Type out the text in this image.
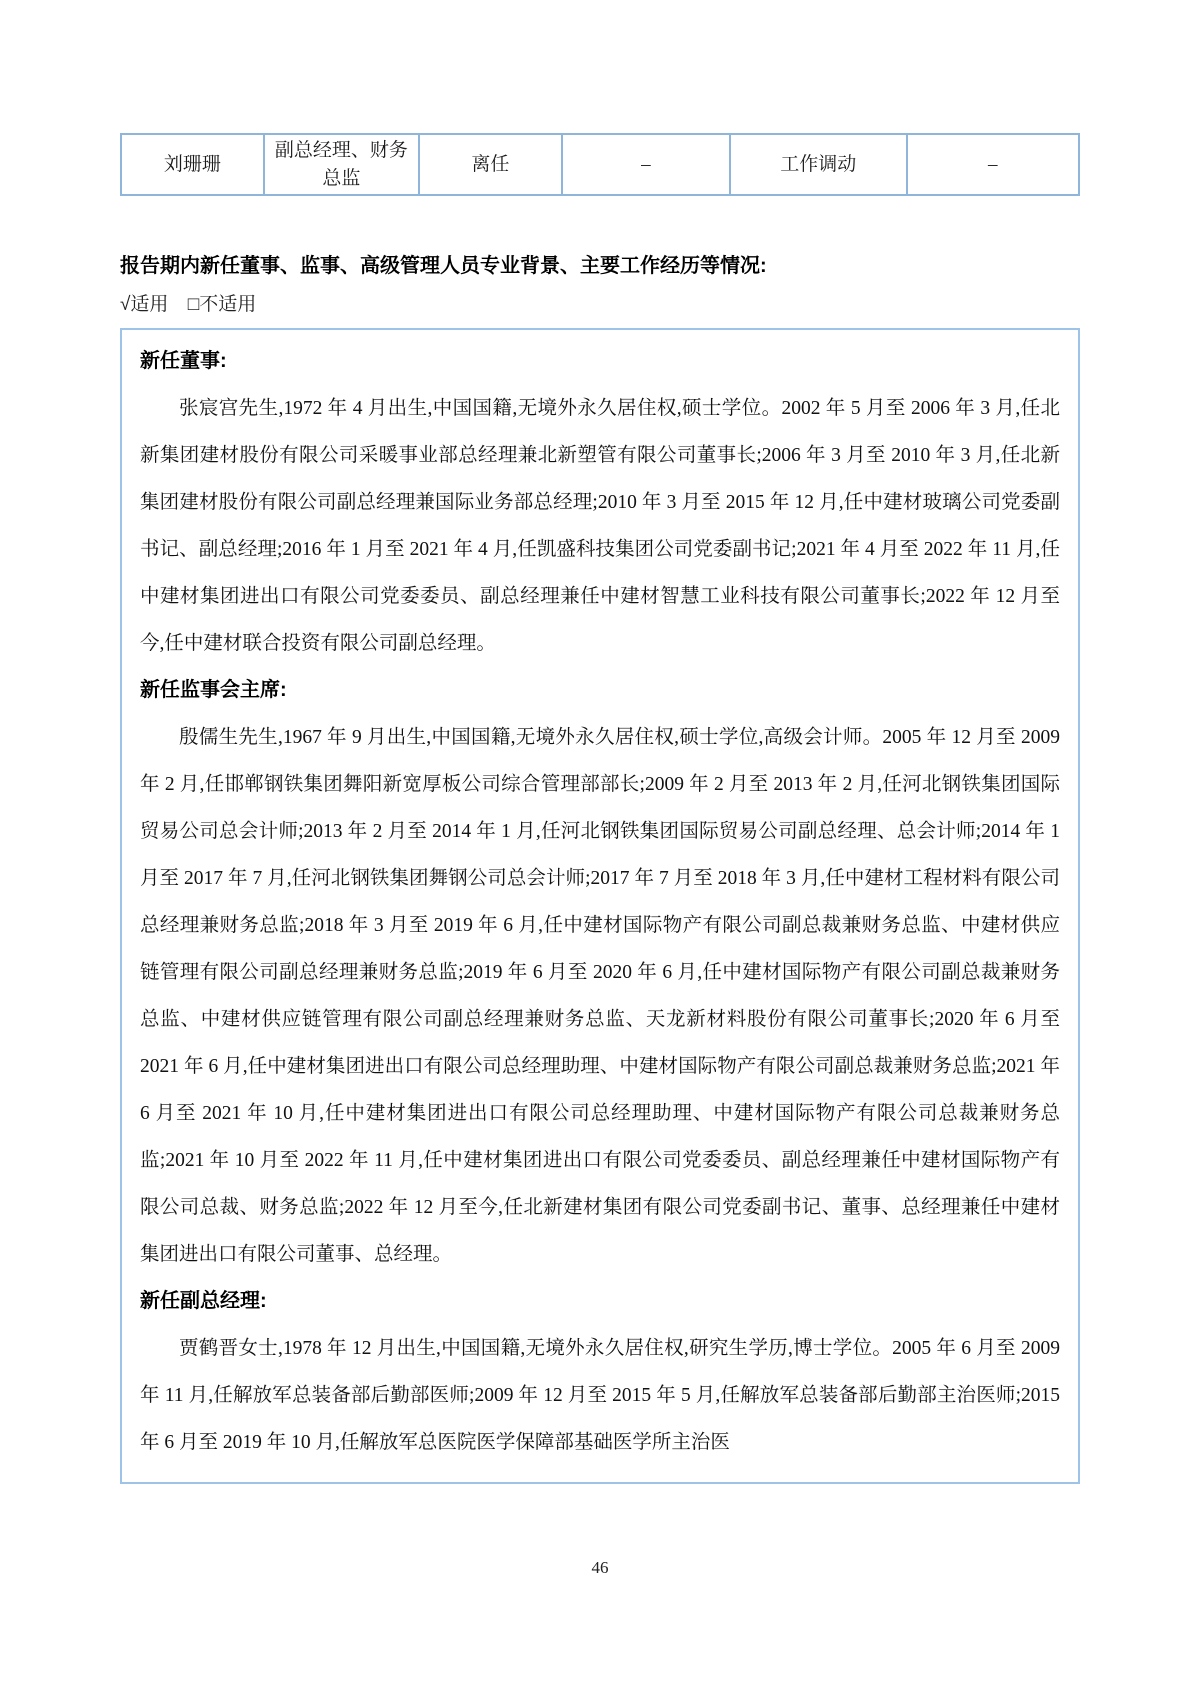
刘珊珊	副总经理、财务总监	离任	–	工作调动	–
报告期内新任董事、监事、高级管理人员专业背景、主要工作经历等情况:
√适用 □不适用
新任董事:

张宸宫先生,1972 年 4 月出生,中国国籍,无境外永久居住权,硕士学位。2002 年 5 月至 2006 年 3 月,任北新集团建材股份有限公司采暖事业部总经理兼北新塑管有限公司董事长;2006 年 3 月至 2010 年 3 月,任北新集团建材股份有限公司副总经理兼国际业务部总经理;2010 年 3 月至 2015 年 12 月,任中建材玻璃公司党委副书记、副总经理;2016 年 1 月至 2021 年 4 月,任凯盛科技集团公司党委副书记;2021 年 4 月至 2022 年 11 月,任中建材集团进出口有限公司党委委员、副总经理兼任中建材智慧工业科技有限公司董事长;2022 年 12 月至今,任中建材联合投资有限公司副总经理。

新任监事会主席:

殷儒生先生,1967 年 9 月出生,中国国籍,无境外永久居住权,硕士学位,高级会计师。2005 年 12 月至 2009 年 2 月,任邯郸钢铁集团舞阳新宽厚板公司综合管理部部长;2009 年 2 月至 2013 年 2 月,任河北钢铁集团国际贸易公司总会计师;2013 年 2 月至 2014 年 1 月,任河北钢铁集团国际贸易公司副总经理、总会计师;2014 年 1 月至 2017 年 7 月,任河北钢铁集团舞钢公司总会计师;2017 年 7 月至 2018 年 3 月,任中建材工程材料有限公司总经理兼财务总监;2018 年 3 月至 2019 年 6 月,任中建材国际物产有限公司副总裁兼财务总监、中建材供应链管理有限公司副总经理兼财务总监;2019 年 6 月至 2020 年 6 月,任中建材国际物产有限公司副总裁兼财务总监、中建材供应链管理有限公司副总经理兼财务总监、天龙新材料股份有限公司董事长;2020 年 6 月至 2021 年 6 月,任中建材集团进出口有限公司总经理助理、中建材国际物产有限公司副总裁兼财务总监;2021 年 6 月至 2021 年 10 月,任中建材集团进出口有限公司总经理助理、中建材国际物产有限公司总裁兼财务总监;2021 年 10 月至 2022 年 11 月,任中建材集团进出口有限公司党委委员、副总经理兼任中建材国际物产有限公司总裁、财务总监;2022 年 12 月至今,任北新建材集团有限公司党委副书记、董事、总经理兼任中建材集团进出口有限公司董事、总经理。

新任副总经理:

贾鹤晋女士,1978 年 12 月出生,中国国籍,无境外永久居住权,研究生学历,博士学位。2005 年 6 月至 2009 年 11 月,任解放军总装备部后勤部医师;2009 年 12 月至 2015 年 5 月,任解放军总装备部后勤部主治医师;2015 年 6 月至 2019 年 10 月,任解放军总医院医学保障部基础医学所主治医

46
